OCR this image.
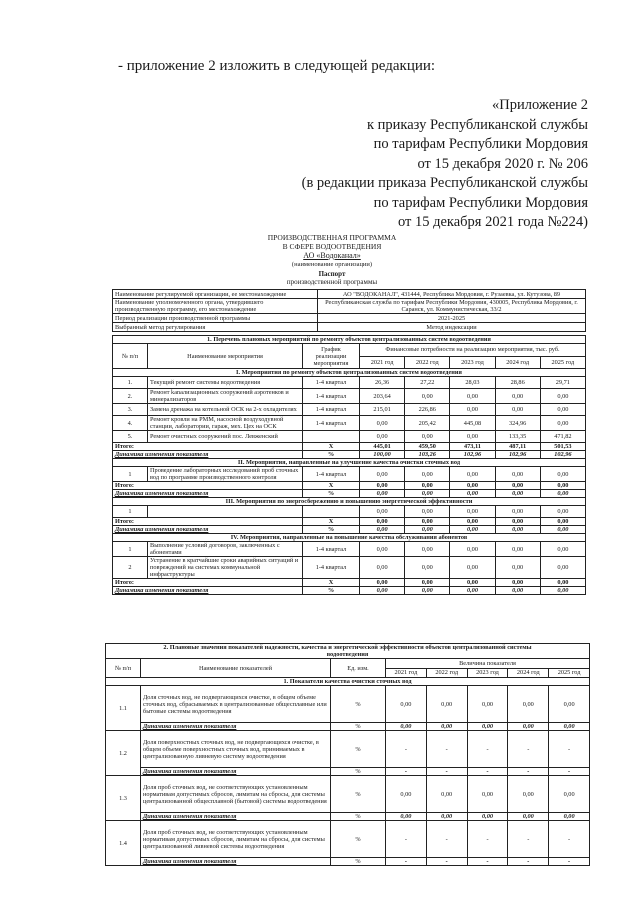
- приложение 2 изложить в следующей редакции:
«Приложение 2
к приказу Республиканской службы
по тарифам Республики Мордовия
от 15 декабря 2020 г. № 206
(в редакции приказа Республиканской службы
по тарифам Республики Мордовия
от 15 декабря 2021 года №224)
ПРОИЗВОДСТВЕННАЯ ПРОГРАММА
В СФЕРЕ ВОДООТВЕДЕНИЯ
АО «Водоканал»
(наименование организации)
Паспорт
производственной программы
Наименование регулируемой организации, ее местонахождение	АО "ВОДОКАНАЛ", 431444, Республика Мордовия, г. Рузаевка, ул. Кутузова, 89
Наименование уполномоченного органа, утвердившего производственную программу, его местонахождение	Республиканская служба по тарифам Республики Мордовия, 430005, Республика Мордовия, г. Саранск, ул. Коммунистическая, 33/2
Период реализации производственной программы	2021-2025
Выбранный метод регулирования	Метод индексации
1. Перечень плановых мероприятий по ремонту объектов централизованных систем водоотведения							
№ п/п	Наименование мероприятия	График реализации мероприятия	Финансовые потребности на реализацию мероприятия, тыс. руб.				
			2021 год	2022 год	2023 год	2024 год	2025 год
I. Мероприятия по ремонту объектов централизованных систем водоотведения							
1.	Текущий ремонт системы водоотведения	1-4 квартал	26,36	27,22	28,03	28,86	29,71
2.	Ремонт kanaлизационных сооружений аэротенков и минерализаторов	1-4 квартал	203,64	0,00	0,00	0,00	0,00
3.	Замена дренажа на котельной ОСК на 2-х охладителях	1-4 квартал	215,01	226,86	0,00	0,00	0,00
4.	Ремонт кровли на РММ, насосной воздуходувной станции, лаборатории, гараж, мех. Цех на ОСК	1-4 квартал	0,00	205,42	445,08	324,96	0,00
5.	Ремонт очистных сооружений пос. Левженский		0,00	0,00	0,00	133,35	471,82
Итого:		Х	445,01	459,50	473,11	487,11	501,53
Динамика изменения показателя		%	100,00	103,26	102,96	102,96	102,96
II. Мероприятия, направленные на улучшение качества очистки сточных вод							
1	Проведение лабораторных исследований проб сточных вод по программе производственного контроля	1-4 квартал	0,00	0,00	0,00	0,00	0,00
Итого:		Х	0,00	0,00	0,00	0,00	0,00
Динамика изменения показателя		%	0,00	0,00	0,00	0,00	0,00
III. Мероприятия по энергосбережению и повышению энергетической эффективности							
1			0,00	0,00	0,00	0,00	0,00
Итого:		Х	0,00	0,00	0,00	0,00	0,00
Динамика изменения показателя		%	0,00	0,00	0,00	0,00	0,00
IV. Мероприятия, направленные на повышение качества обслуживания абонентов							
1	Выполнение условий договоров, заключенных с абонентами	1-4 квартал	0,00	0,00	0,00	0,00	0,00
2	Устранение в кратчайшие сроки аварийных ситуаций и повреждений на системах коммунальной инфраструктуры	1-4 квартал	0,00	0,00	0,00	0,00	0,00
Итого:		Х	0,00	0,00	0,00	0,00	0,00
Динамика изменения показателя		%	0,00	0,00	0,00	0,00	0,00
2. Плановые значения показателей надежности, качества и энергетической эффективности объектов централизованной системы
водоотведения							

№ п/п	Наименование показателей	Ед. изм.	Величина показателя				
			2021 год	2022 год	2023 год	2024 год	2025 год
1. Показатели качества очистки сточных вод							
1.1	Доля сточных вод, не подвергающихся очистке, в общем объеме сточных вод, сбрасываемых в централизованные общесплавные или бытовые системы водоотведения	%	0,00	0,00	0,00	0,00	0,00
	Динамика изменения показателя	%	0,00	0,00	0,00	0,00	0,00
1.2	Доля поверхностных сточных вод, не подвергающихся очистке, в общем объеме поверхностных сточных вод, принимаемых в централизованную ливневую систему водоотведения	%	-	-	-	-	-
	Динамика изменения показателя	%	-	-	-	-	-
1.3	Доля проб сточных вод, не соответствующих установленным нормативам допустимых сбросов, лимитам на сбросы, для системы централизованной общесплавной (бытовой) системы водоотведения	%	0,00	0,00	0,00	0,00	0,00
	Динамика изменения показателя	%	0,00	0,00	0,00	0,00	0,00
1.4	Доля проб сточных вод, не соответствующих установленным нормативам допустимых сбросов, лимитам на сбросы, для системы централизованной ливневой системы водоотведения	%	-	-	-	-	-
	Динамика изменения показателя	%	-	-	-	-	-
